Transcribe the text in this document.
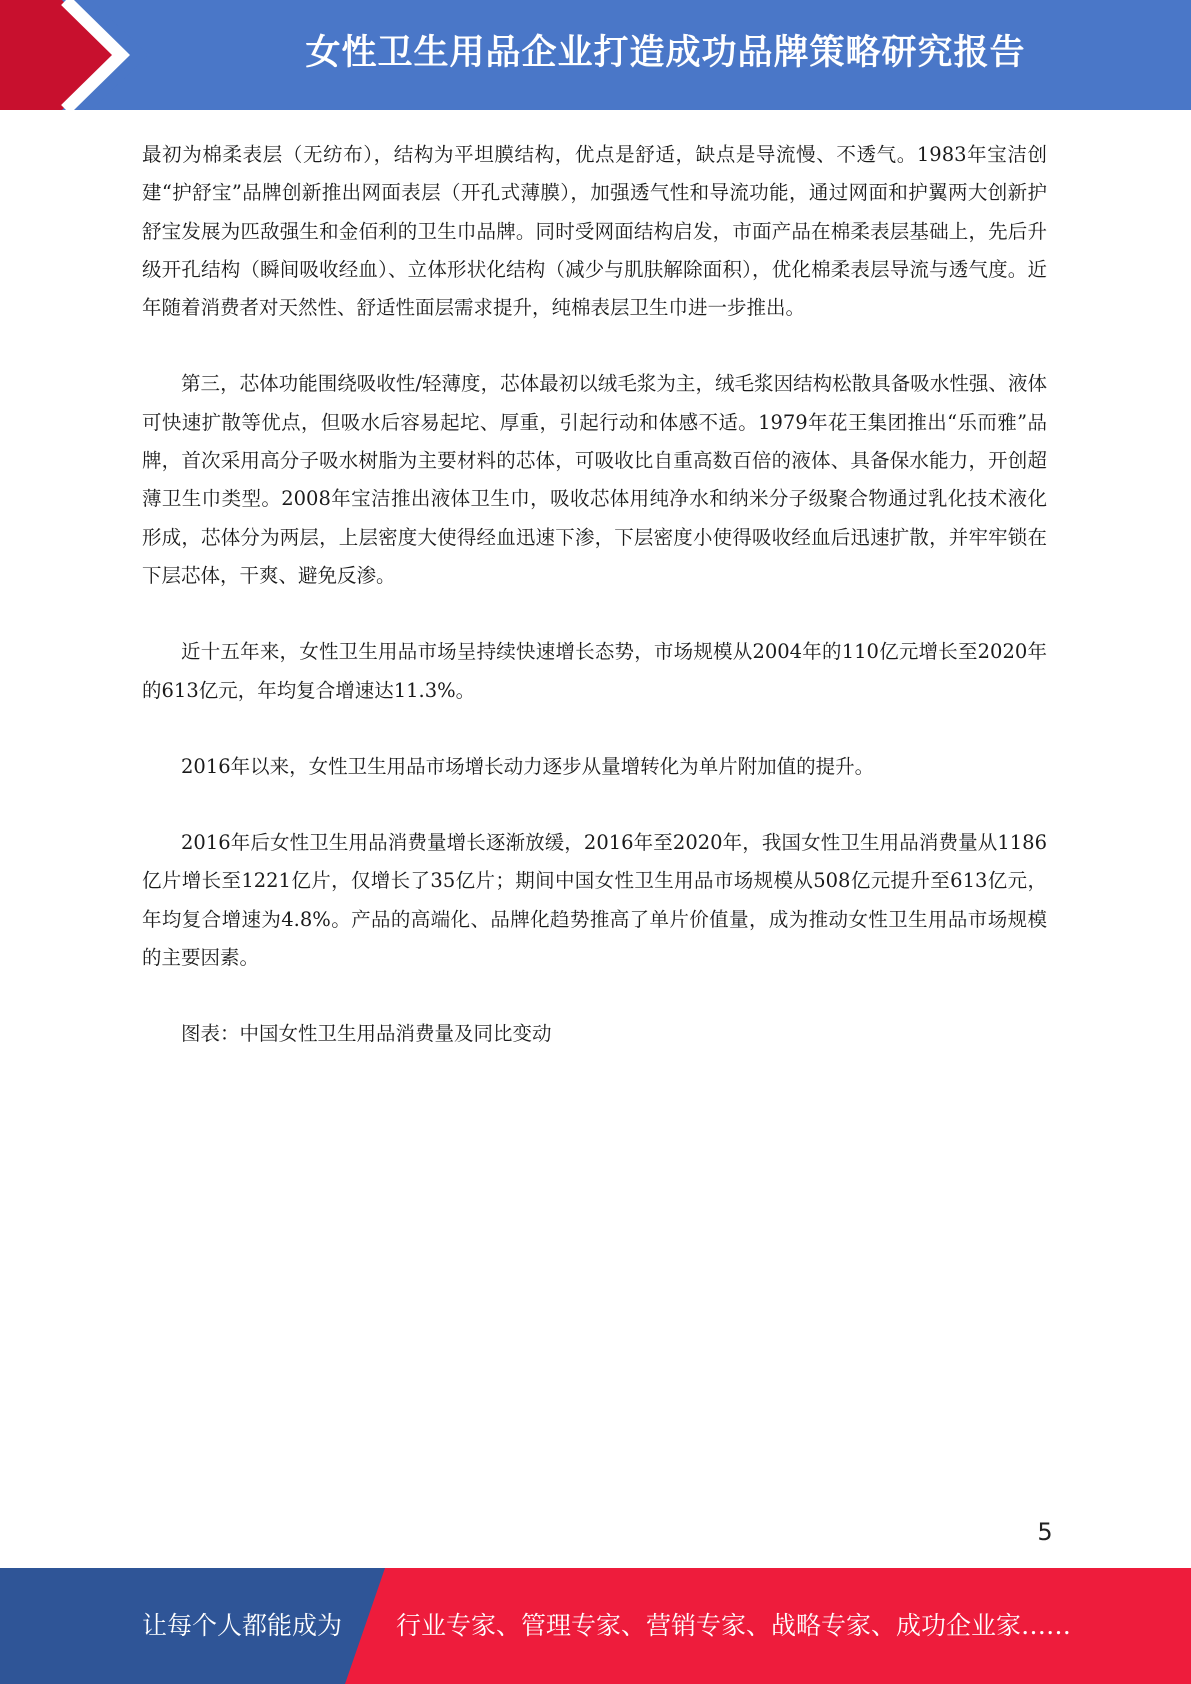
女性卫生用品企业打造成功品牌策略研究报告

最初为棉柔表层（无纺布），结构为平坦膜结构，优点是舒适，缺点是导流慢、不透气。1983年宝洁创建“护舒宝”品牌创新推出网面表层（开孔式薄膜），加强透气性和导流功能，通过网面和护翼两大创新护舒宝发展为匹敌强生和金佰利的卫生巾品牌。同时受网面结构启发，市面产品在棉柔表层基础上，先后升级开孔结构（瞬间吸收经血）、立体形状化结构（减少与肌肤解除面积），优化棉柔表层导流与透气度。近年随着消费者对天然性、舒适性面层需求提升，纯棉表层卫生巾进一步推出。

第三，芯体功能围绕吸收性/轻薄度，芯体最初以绒毛浆为主，绒毛浆因结构松散具备吸水性强、液体可快速扩散等优点，但吸水后容易起坨、厚重，引起行动和体感不适。1979年花王集团推出“乐而雅”品牌，首次采用高分子吸水树脂为主要材料的芯体，可吸收比自重高数百倍的液体、具备保水能力，开创超薄卫生巾类型。2008年宝洁推出液体卫生巾，吸收芯体用纯净水和纳米分子级聚合物通过乳化技术液化形成，芯体分为两层，上层密度大使得经血迅速下渗，下层密度小使得吸收经血后迅速扩散，并牢牢锁在下层芯体，干爽、避免反渗。

近十五年来，女性卫生用品市场呈持续快速增长态势，市场规模从2004年的110亿元增长至2020年的613亿元，年均复合增速达11.3%。

2016年以来，女性卫生用品市场增长动力逐步从量增转化为单片附加值的提升。

2016年后女性卫生用品消费量增长逐渐放缓，2016年至2020年，我国女性卫生用品消费量从1186亿片增长至1221亿片，仅增长了35亿片；期间中国女性卫生用品市场规模从508亿元提升至613亿元，年均复合增速为4.8%。产品的高端化、品牌化趋势推高了单片价值量，成为推动女性卫生用品市场规模的主要因素。

图表：中国女性卫生用品消费量及同比变动

5
让每个人都能成为 行业专家、管理专家、营销专家、战略专家、成功企业家……
